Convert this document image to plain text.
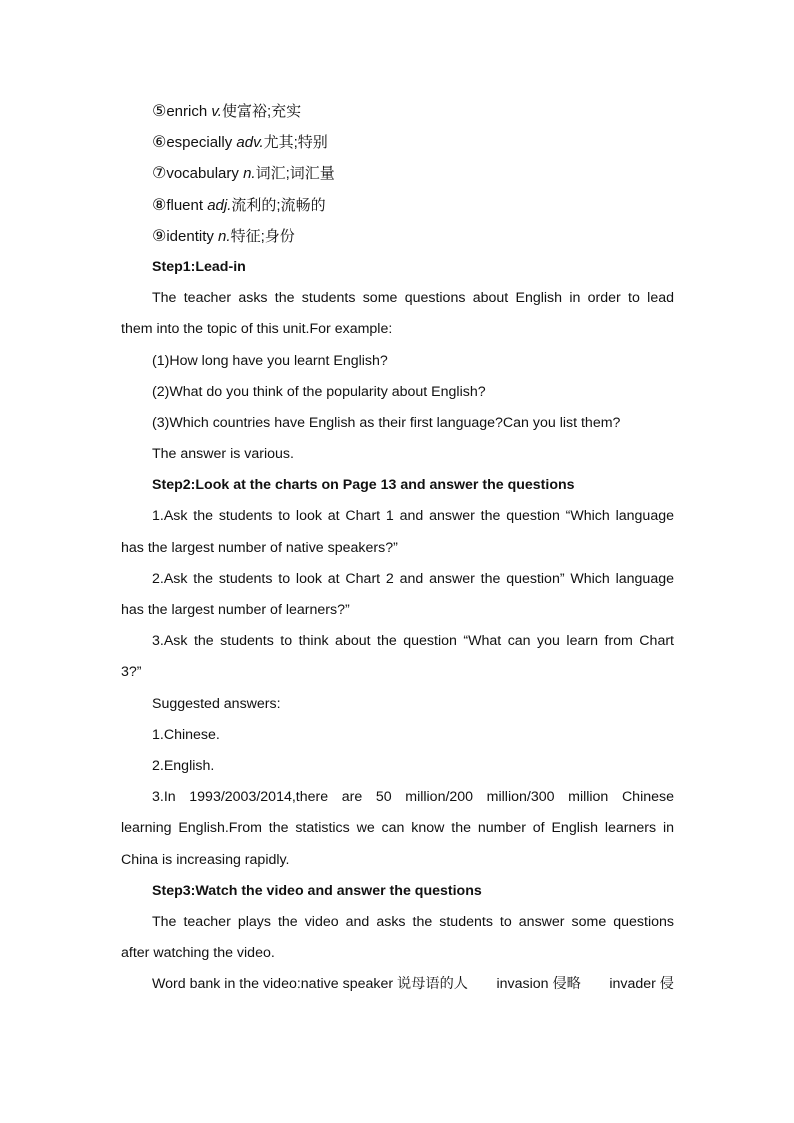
⑤enrich v.使富裕;充实
⑥especially adv.尤其;特别
⑦vocabulary n.词汇;词汇量
⑧fluent adj.流利的;流畅的
⑨identity n.特征;身份
Step1:Lead-in
The teacher asks the students some questions about English in order to lead
them into the topic of this unit.For example:
(1)How long have you learnt English?
(2)What do you think of the popularity about English?
(3)Which countries have English as their first language?Can you list them?
The answer is various.
Step2:Look at the charts on Page 13 and answer the questions
1.Ask the students to look at Chart 1 and answer the question “Which language
has the largest number of native speakers?”
2.Ask the students to look at Chart 2 and answer the question” Which language
has the largest number of learners?”
3.Ask the students to think about the question “What can you learn from Chart
3?”
Suggested answers:
1.Chinese.
2.English.
3.In 1993/2003/2014,there are 50 million/200 million/300 million Chinese
learning English.From the statistics we can know the number of English learners in
China is increasing rapidly.
Step3:Watch the video and answer the questions
The teacher plays the video and asks the students to answer some questions
after watching the video.
Word bank in the video:native speaker 说母语的人 invasion 侵略 invader 侵
